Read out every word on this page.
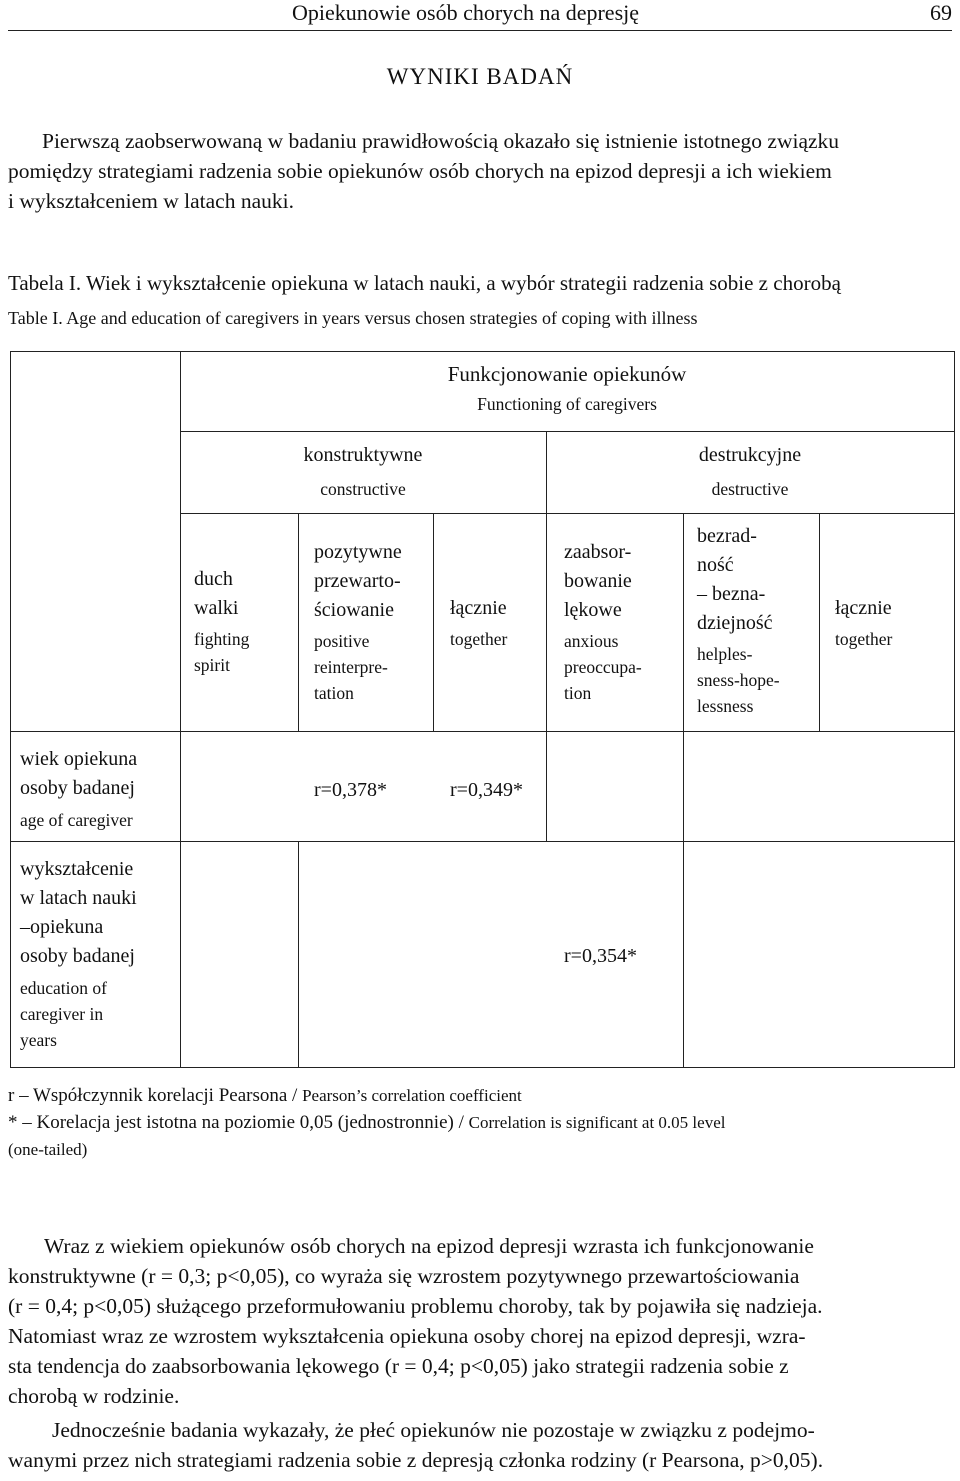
Opiekunowie osób chorych na depresję	69
WYNIKI BADAŃ
Pierwszą zaobserwowaną w badaniu prawidłowością okazało się istnienie istotnego związku
pomiędzy strategiami radzenia sobie opiekunów osób chorych na epizod depresji a ich wiekiem
i wykształceniem w latach nauki.
Tabela I. Wiek i wykształcenie opiekuna w latach nauki, a wybór strategii radzenia sobie z chorobą
Table I. Age and education of caregivers in years versus chosen strategies of coping with illness
Funkcjonowanie opiekunów
Functioning of caregivers
konstruktywne
constructive
destrukcyjne
destructive
duch
walki
fighting
spirit
pozytywne
przewarto-
ściowanie
positive
reinterpre-
tation
łącznie
together
zaabsor-
bowanie
lękowe
anxious
preoccupa-
tion
bezrad-
ność
– bezna-
dziejność
helples-
sness-hope-
lessness
łącznie
together
wiek opiekuna
osoby badanej
age of caregiver
r=0,378*	r=0,349*
wykształcenie
w latach nauki
–opiekuna
osoby badanej
education of
caregiver in
years
r=0,354*
r – Współczynnik korelacji Pearsona / Pearson’s correlation coefficient
* – Korelacja jest istotna na poziomie 0,05 (jednostronnie) / Correlation is significant at 0.05 level
(one-tailed)
Wraz z wiekiem opiekunów osób chorych na epizod depresji wzrasta ich funkcjonowanie
konstruktywne (r = 0,3; p<0,05), co wyraża się wzrostem pozytywnego przewartościowania
(r = 0,4; p<0,05) służącego przeformułowaniu problemu choroby, tak by pojawiła się nadzieja.
Natomiast wraz ze wzrostem wykształcenia opiekuna osoby chorej na epizod depresji, wzra-
sta tendencja do zaabsorbowania lękowego (r = 0,4; p<0,05) jako strategii radzenia sobie z
chorobą w rodzinie.
Jednocześnie badania wykazały, że płeć opiekunów nie pozostaje w związku z podejmo-
wanymi przez nich strategiami radzenia sobie z depresją członka rodziny (r Pearsona, p>0,05).
